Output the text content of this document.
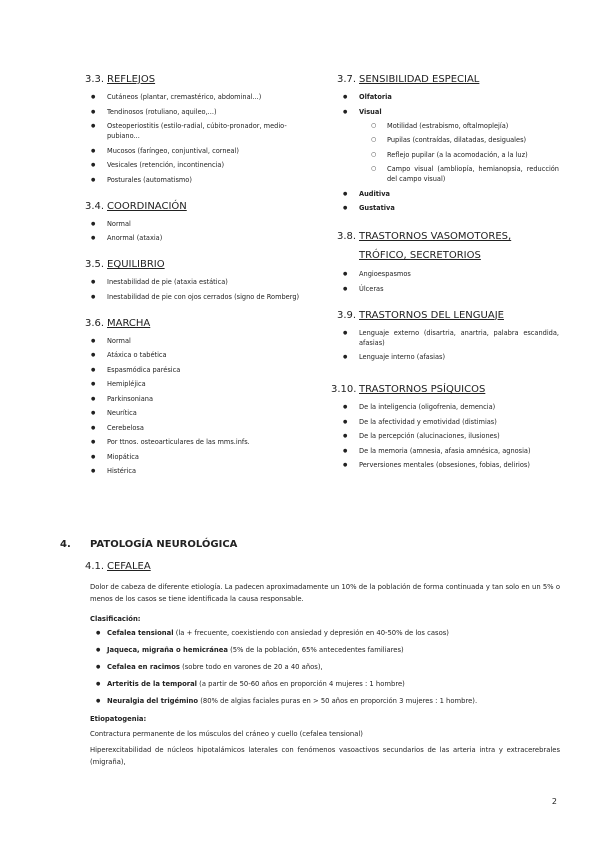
3.3. REFLEJOS
● Cutáneos (plantar, cremastérico, abdominal...)
● Tendinosos (rotuliano, aquileo,...)
● Osteoperiostitis (estilo-radial, cúbito-pronador, medio-pubiano...
● Mucosos (faríngeo, conjuntival, corneal)
● Vesicales (retención, incontinencia)
● Posturales (automatismo)
3.4. COORDINACIÓN
● Normal
● Anormal (ataxia)
3.5. EQUILIBRIO
● Inestabilidad de pie (ataxia estática)
● Inestabilidad de pie con ojos cerrados (signo de Romberg)
3.6. MARCHA
● Normal
● Atáxica o tabética
● Espasmódica parésica
● Hemipléjica
● Parkinsoniana
● Neurítica
● Cerebelosa
● Por ttnos. osteoarticulares de las mms.infs.
● Miopática
● Histérica
3.7. SENSIBILIDAD ESPECIAL
● Olfatoria
● Visual
○ Motilidad (estrabismo, oftalmoplejía)
○ Pupilas (contraídas, dilatadas, desiguales)
○ Reflejo pupilar (a la acomodación, a la luz)
○ Campo visual (ambliopía, hemianopsia, reducción del campo visual)
● Auditiva
● Gustativa
3.8. TRASTORNOS VASOMOTORES, TRÓFICO, SECRETORIOS
● Angioespasmos
● Úlceras
3.9. TRASTORNOS DEL LENGUAJE
● Lenguaje externo (disartria, anartria, palabra escandida, afasias)
● Lenguaje interno (afasias)
3.10. TRASTORNOS PSÍQUICOS
● De la inteligencia (oligofrenia, demencia)
● De la afectividad y emotividad (distimias)
● De la percepción (alucinaciones, ilusiones)
● De la memoria (amnesia, afasia amnésica, agnosia)
● Perversiones mentales (obsesiones, fobias, delirios)
4.	PATOLOGÍA NEUROLÓGICA
4.1. CEFALEA

Dolor de cabeza de diferente etiología. La padecen aproximadamente un 10% de la población de forma continuada y tan solo en un 5% o menos de los casos se tiene identificada la causa responsable.

Clasificación:
● Cefalea tensional (la + frecuente, coexistiendo con ansiedad y depresión en 40-50% de los casos)
● Jaqueca, migraña o hemicránea (5% de la población, 65% antecedentes familiares)
● Cefalea en racimos (sobre todo en varones de 20 a 40 años),
● Arteritis de la temporal (a partir de 50-60 años en proporción 4 mujeres : 1 hombre)
● Neuralgia del trigémino (80% de algias faciales puras en > 50 años en proporción 3 mujeres : 1 hombre).
Etiopatogenia:

Contractura permanente de los músculos del cráneo y cuello (cefalea tensional)

Hiperexcitabilidad de núcleos hipotalámicos laterales con fenómenos vasoactivos secundarios de las arteria intra y extracerebrales (migraña),

2
